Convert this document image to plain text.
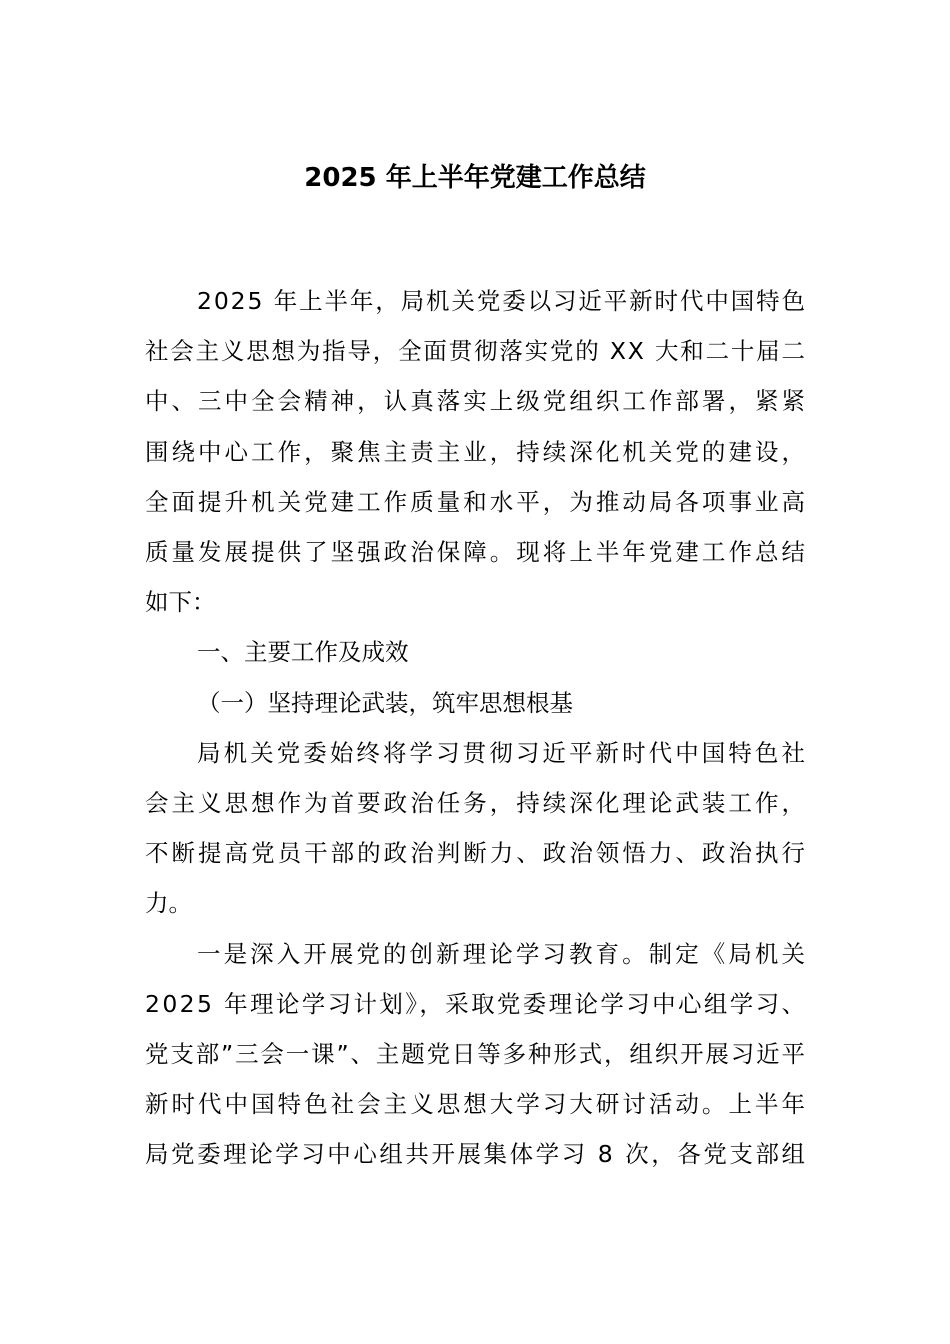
2025 年上半年党建工作总结
2025 年上半年，局机关党委以习近平新时代中国特色
社会主义思想为指导，全面贯彻落实党的 XX 大和二十届二
中、三中全会精神，认真落实上级党组织工作部署，紧紧
围绕中心工作，聚焦主责主业，持续深化机关党的建设，
全面提升机关党建工作质量和水平，为推动局各项事业高
质量发展提供了坚强政治保障。现将上半年党建工作总结
如下：
一、主要工作及成效
（一）坚持理论武装，筑牢思想根基
局机关党委始终将学习贯彻习近平新时代中国特色社
会主义思想作为首要政治任务，持续深化理论武装工作，
不断提高党员干部的政治判断力、政治领悟力、政治执行
力。
一是深入开展党的创新理论学习教育。制定《局机关
2025 年理论学习计划》，采取党委理论学习中心组学习、
党支部”三会一课”、主题党日等多种形式，组织开展习近平
新时代中国特色社会主义思想大学习大研讨活动。上半年
局党委理论学习中心组共开展集体学习 8 次，各党支部组
